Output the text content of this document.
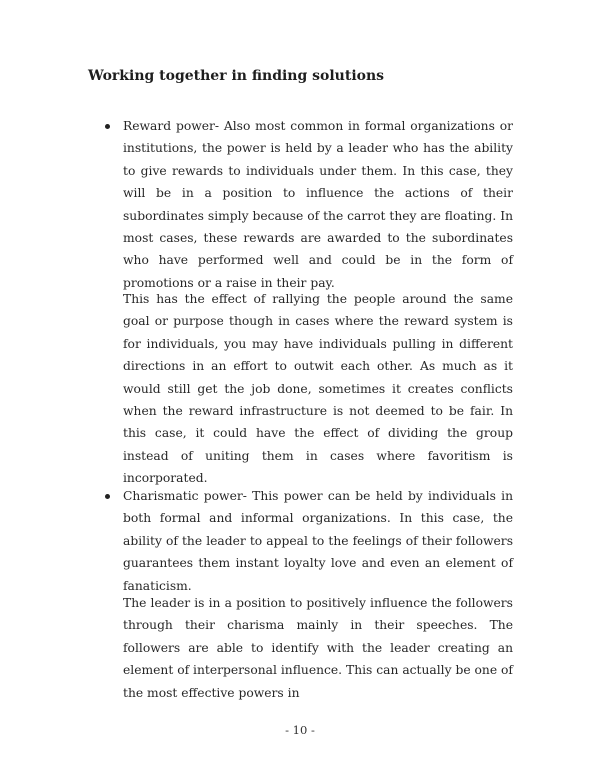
Working together in finding solutions

Reward power- Also most common in formal organizations or institutions, the power is held by a leader who has the ability to give rewards to individuals under them. In this case, they will be in a position to influence the actions of their subordinates simply because of the carrot they are floating. In most cases, these rewards are awarded to the subordinates who have performed well and could be in the form of promotions or a raise in their pay.

This has the effect of rallying the people around the same goal or purpose though in cases where the reward system is for individuals, you may have individuals pulling in different directions in an effort to outwit each other. As much as it would still get the job done, sometimes it creates conflicts when the reward infrastructure is not deemed to be fair. In this case, it could have the effect of dividing the group instead of uniting them in cases where favoritism is incorporated.

Charismatic power- This power can be held by individuals in both formal and informal organizations. In this case, the ability of the leader to appeal to the feelings of their followers guarantees them instant loyalty love and even an element of fanaticism.

The leader is in a position to positively influence the followers through their charisma mainly in their speeches. The followers are able to identify with the leader creating an element of interpersonal influence. This can actually be one of the most effective powers in

- 10 -
